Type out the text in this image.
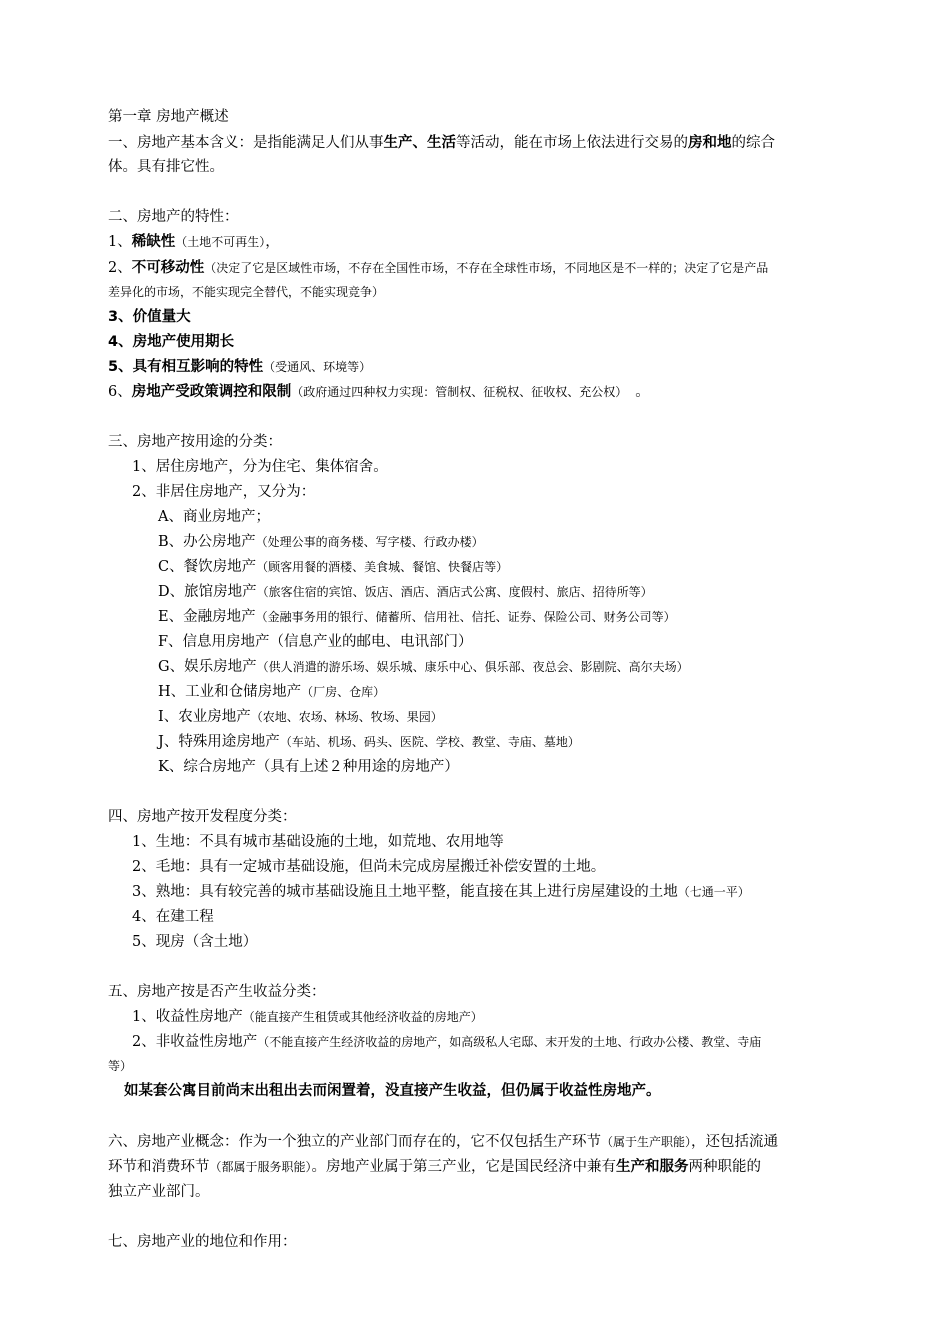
第一章 房地产概述
一、房地产基本含义：是指能满足人们从事生产、生活等活动，能在市场上依法进行交易的房和地的综合
体。具有排它性。
二、房地产的特性：
1、稀缺性（土地不可再生），
2、不可移动性（决定了它是区域性市场，不存在全国性市场，不存在全球性市场，不同地区是不一样的；决定了它是产品
差异化的市场，不能实现完全替代，不能实现竞争）
3、价值量大
4、房地产使用期长
5、具有相互影响的特性（受通风、环境等）
6、房地产受政策调控和限制（政府通过四种权力实现：管制权、征税权、征收权、充公权） 。
三、房地产按用途的分类：
1、居住房地产，分为住宅、集体宿舍。
2、非居住房地产，又分为：
A、商业房地产；
B、办公房地产（处理公事的商务楼、写字楼、行政办楼）
C、餐饮房地产（顾客用餐的酒楼、美食城、餐馆、快餐店等）
D、旅馆房地产（旅客住宿的宾馆、饭店、酒店、酒店式公寓、度假村、旅店、招待所等）
E、金融房地产（金融事务用的银行、储蓄所、信用社、信托、证券、保险公司、财务公司等）
F、信息用房地产（信息产业的邮电、电讯部门）
G、娱乐房地产（供人消遣的游乐场、娱乐城、康乐中心、俱乐部、夜总会、影剧院、高尔夫场）
H、工业和仓储房地产（厂房、仓库）
I、农业房地产（农地、农场、林场、牧场、果园）
J、特殊用途房地产（车站、机场、码头、医院、学校、教堂、寺庙、墓地）
K、综合房地产（具有上述２种用途的房地产）
四、房地产按开发程度分类：
1、生地：不具有城市基础设施的土地，如荒地、农用地等
2、毛地：具有一定城市基础设施，但尚未完成房屋搬迁补偿安置的土地。
3、熟地：具有较完善的城市基础设施且土地平整，能直接在其上进行房屋建设的土地（七通一平）
4、在建工程
5、现房（含土地）
五、房地产按是否产生收益分类：
1、收益性房地产（能直接产生租赁或其他经济收益的房地产）
2、非收益性房地产（不能直接产生经济收益的房地产，如高级私人宅邸、末开发的土地、行政办公楼、教堂、寺庙
等）
如某套公寓目前尚末出租出去而闲置着，没直接产生收益，但仍属于收益性房地产。
六、房地产业概念：作为一个独立的产业部门而存在的，它不仅包括生产环节（属于生产职能），还包括流通
环节和消费环节（都属于服务职能）。房地产业属于第三产业，它是国民经济中兼有生产和服务两种职能的
独立产业部门。
七、房地产业的地位和作用：
